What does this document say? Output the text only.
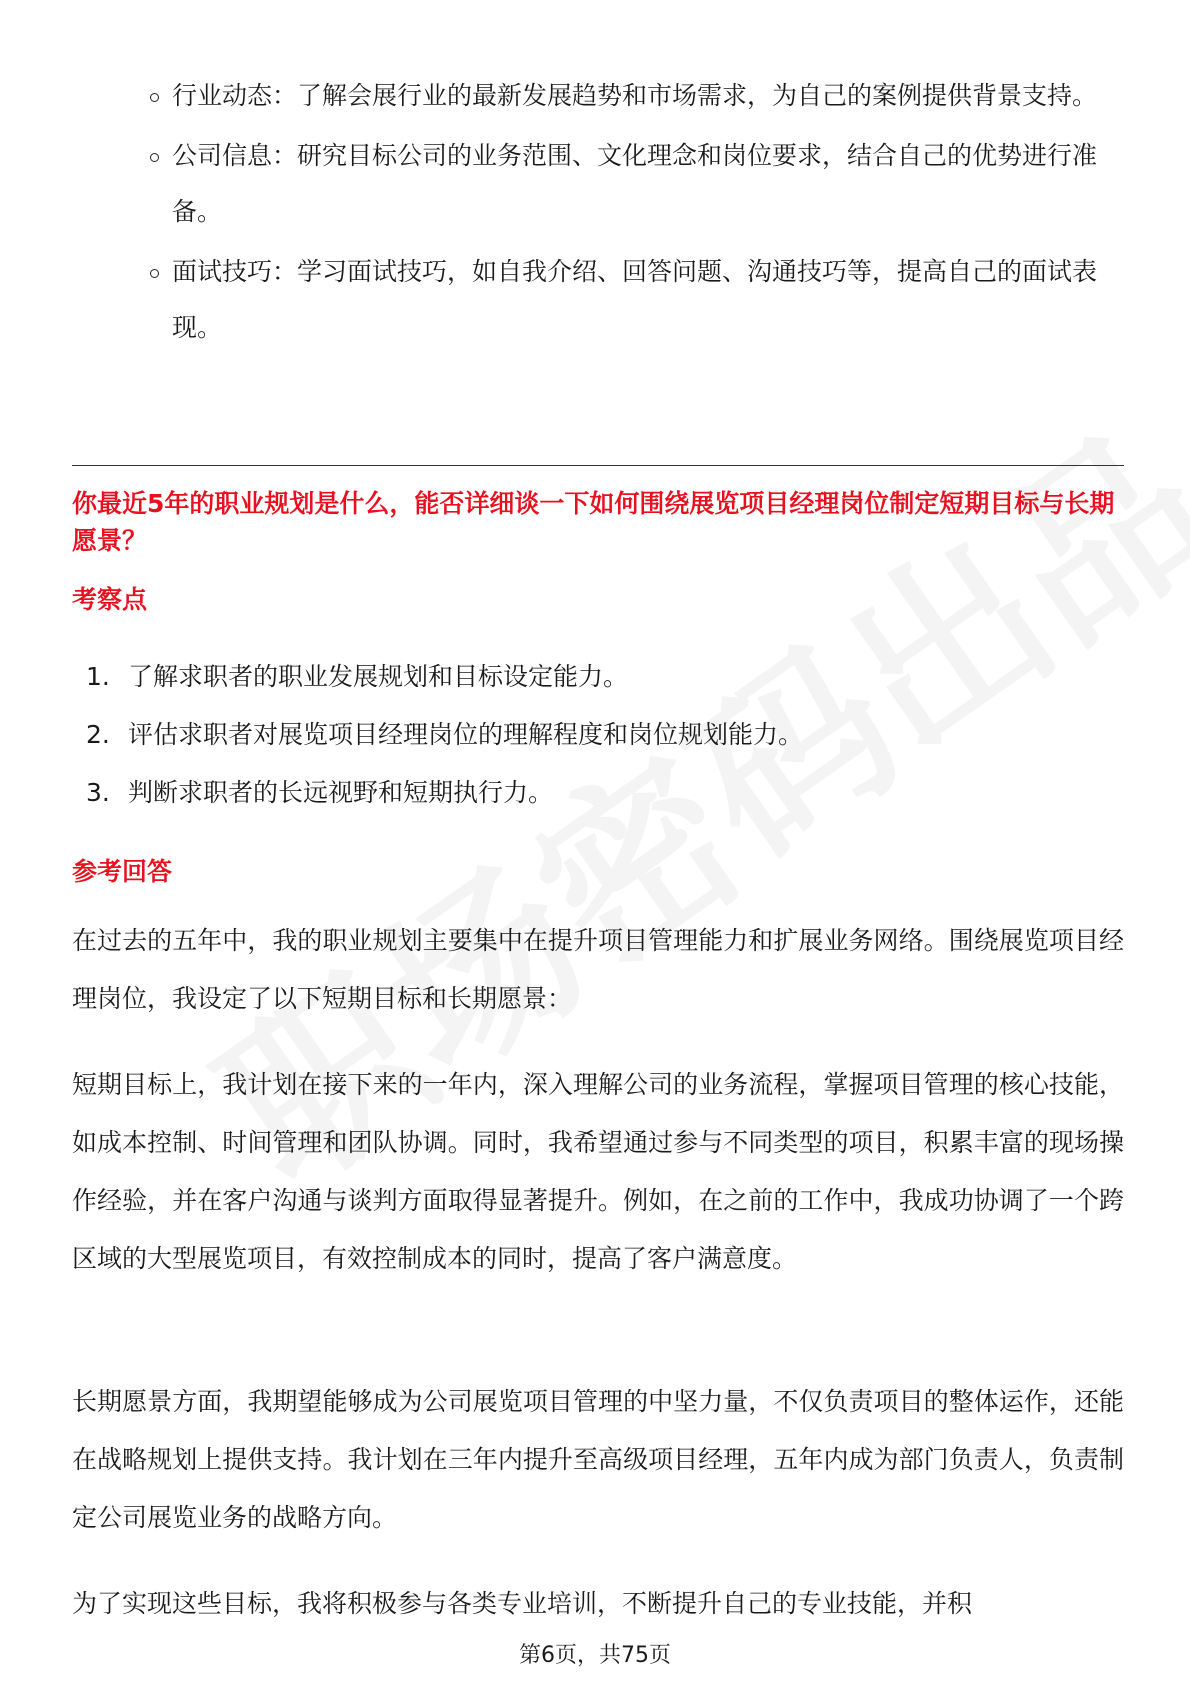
行业动态：了解会展行业的最新发展趋势和市场需求，为自己的案例提供背景支持。
公司信息：研究目标公司的业务范围、文化理念和岗位要求，结合自己的优势进行准备。
面试技巧：学习面试技巧，如自我介绍、回答问题、沟通技巧等，提高自己的面试表现。
你最近5年的职业规划是什么，能否详细谈一下如何围绕展览项目经理岗位制定短期目标与长期愿景？
考察点
1. 了解求职者的职业发展规划和目标设定能力。
2. 评估求职者对展览项目经理岗位的理解程度和岗位规划能力。
3. 判断求职者的长远视野和短期执行力。
参考回答

在过去的五年中，我的职业规划主要集中在提升项目管理能力和扩展业务网络。围绕展览项目经理岗位，我设定了以下短期目标和长期愿景：

短期目标上，我计划在接下来的一年内，深入理解公司的业务流程，掌握项目管理的核心技能，如成本控制、时间管理和团队协调。同时，我希望通过参与不同类型的项目，积累丰富的现场操作经验，并在客户沟通与谈判方面取得显著提升。例如，在之前的工作中，我成功协调了一个跨区域的大型展览项目，有效控制成本的同时，提高了客户满意度。

长期愿景方面，我期望能够成为公司展览项目管理的中坚力量，不仅负责项目的整体运作，还能在战略规划上提供支持。我计划在三年内提升至高级项目经理，五年内成为部门负责人，负责制定公司展览业务的战略方向。

为了实现这些目标，我将积极参与各类专业培训，不断提升自己的专业技能，并积

第6页，共75页
